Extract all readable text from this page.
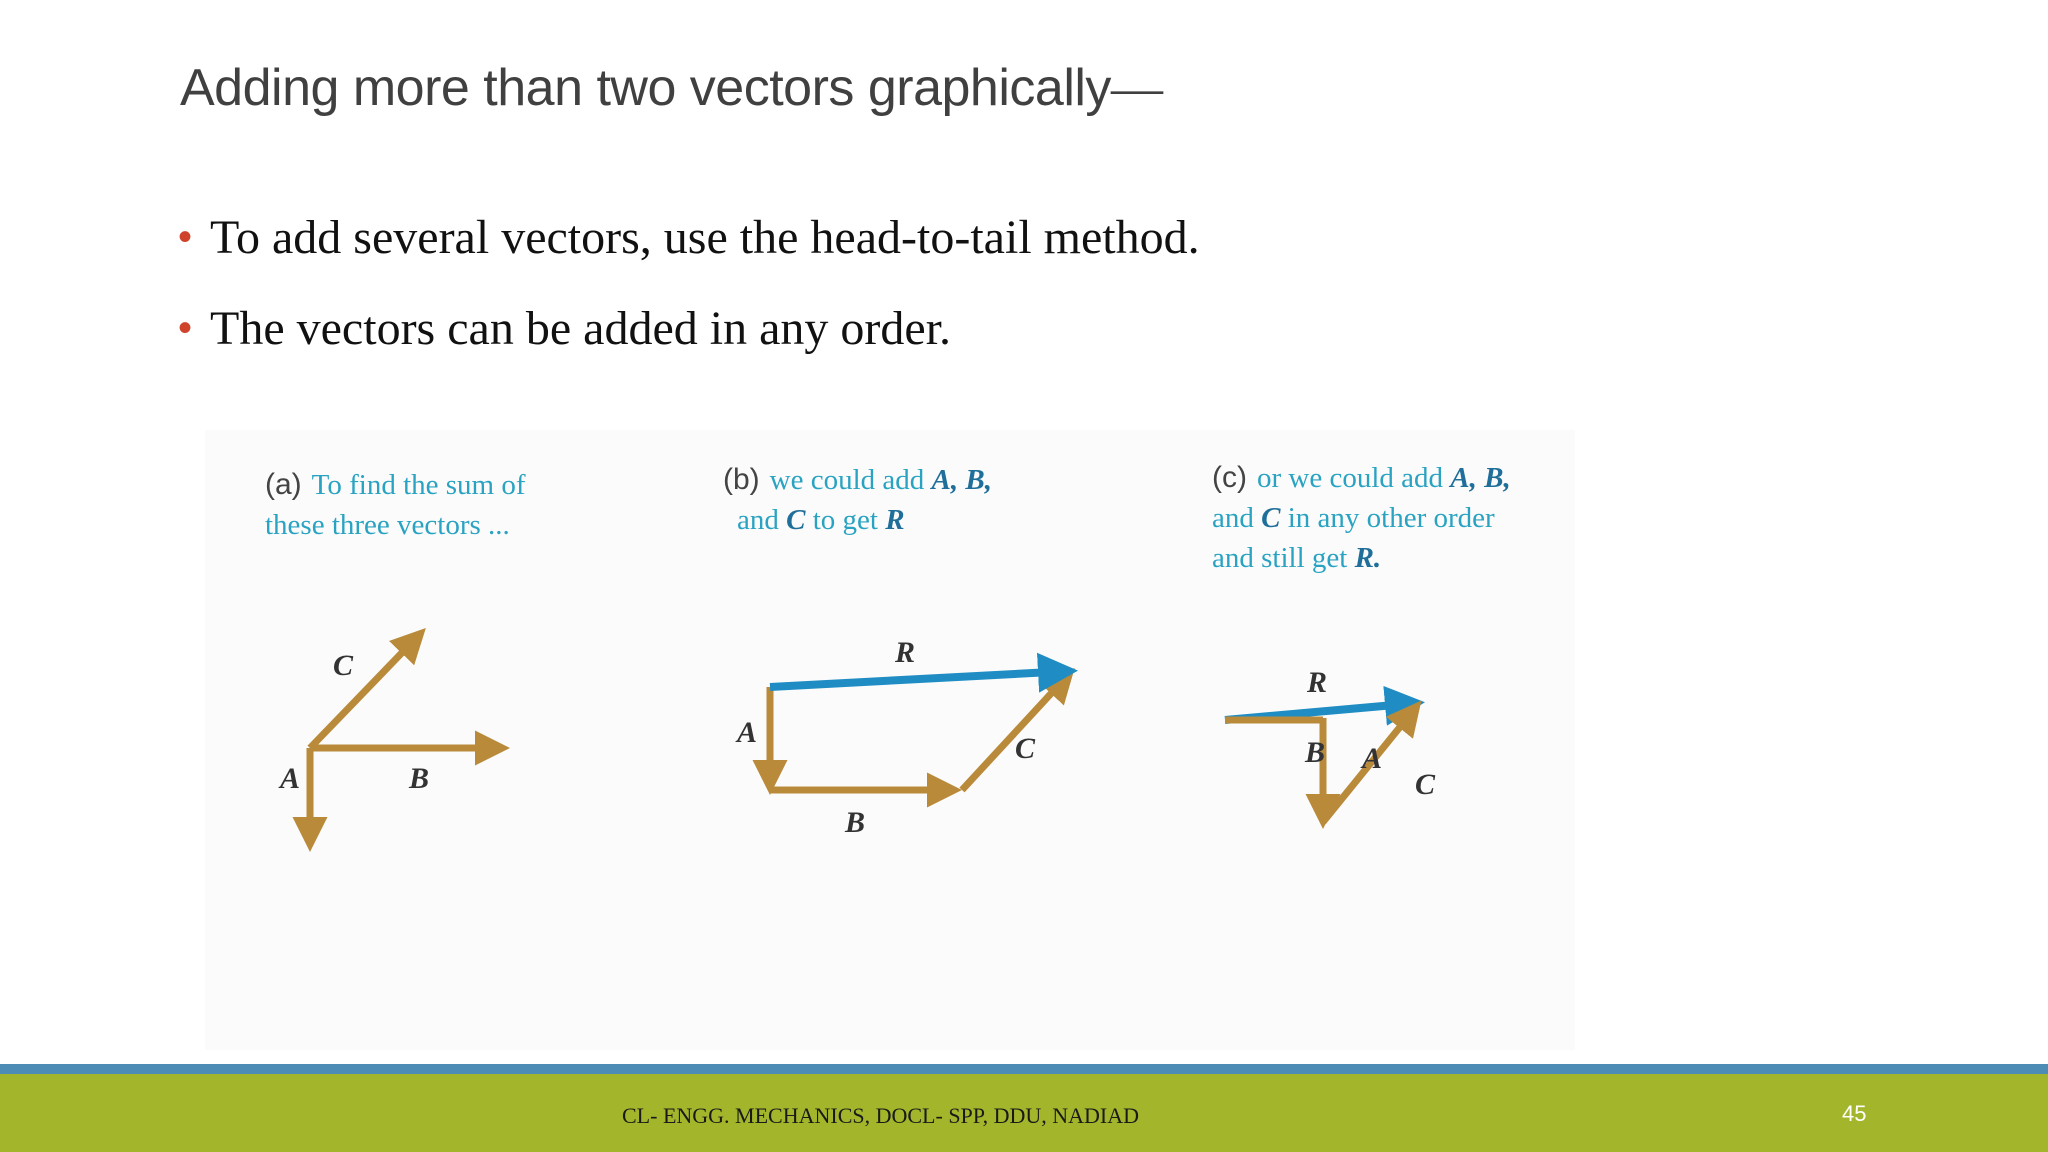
Adding more than two vectors graphically—
• To add several vectors, use the head-to-tail method.
• The vectors can be added in any order.
(a) To find the sum of
these three vectors ...
(b) we could add A, B,
and C to get R
(c) or we could add A, B,
and C in any other order
and still get R.
C
A	B
A
B
C
R
R
B A
C
CL- ENGG. MECHANICS, DOCL- SPP, DDU, NADIAD	45
